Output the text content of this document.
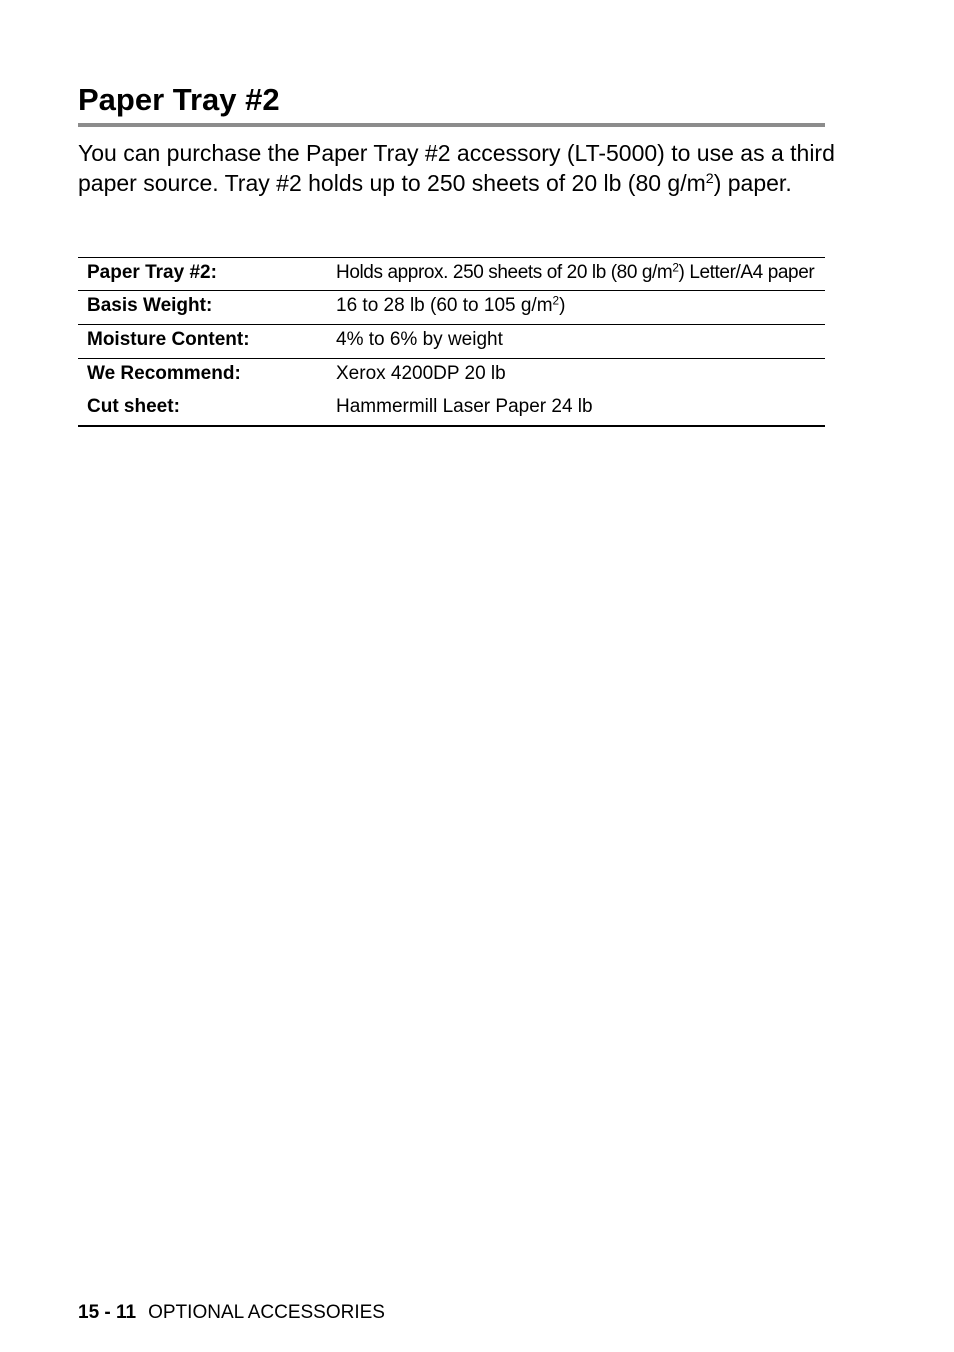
Paper Tray #2

You can purchase the Paper Tray #2 accessory (LT-5000) to use as a third paper source. Tray #2 holds up to 250 sheets of 20 lb (80 $g/m^2$) paper.

Paper Tray #2:	Holds approx. 250 sheets of 20 lb (80 $g/m^2$) Letter/A4 paper
Basis Weight:	16 to 28 lb (60 to 105 $g/m^2$)
Moisture Content:	4% to 6% by weight
We Recommend:	Xerox 4200DP 20 lb
Cut sheet:	Hammermill Laser Paper 24 lb
15 - 11 OPTIONAL ACCESSORIES
